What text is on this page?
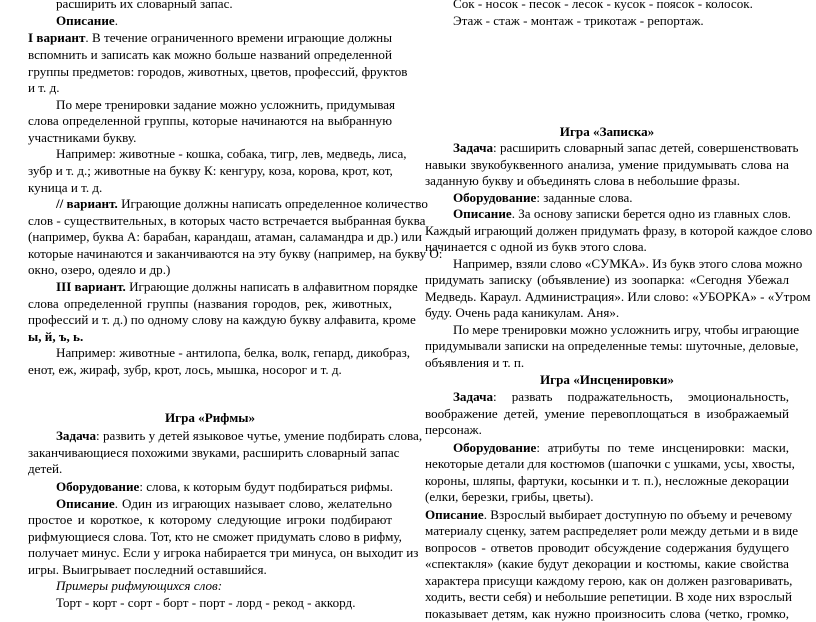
расширить их словарный запас.
Описание.
I вариант. В течение ограниченного времени играющие должны
вспомнить и записать как можно больше названий определенной
группы предметов: городов, животных, цветов, профессий, фруктов
и т. д.
По мере тренировки задание можно усложнить, придумывая
слова определенной группы, которые начинаются на выбранную
участниками букву.
Например: животные - кошка, собака, тигр, лев, медведь, лиса,
зубр и т. д.; животные на букву К: кенгуру, коза, корова, крот, кот,
куница и т. д.
// вариант. Играющие должны написать определенное количество
слов - существительных, в которых часто встречается выбранная буква
(например, буква А: барабан, карандаш, атаман, саламандра и др.) или
которые начинаются и заканчиваются на эту букву (например, на букву О:
окно, озеро, одеяло и др.)
III вариант. Играющие должны написать в алфавитном порядке
слова определенной группы (названия городов, рек, животных,
профессий и т. д.) по одному слову на каждую букву алфавита, кроме
ы, й, ъ, ь.
Например: животные - антилопа, белка, волк, гепард, дикобраз,
енот, еж, жираф, зубр, крот, лось, мышка, носорог и т. д.
Игра «Рифмы»
Задача: развить у детей языковое чутье, умение подбирать слова,
заканчивающиеся похожими звуками, расширить словарный запас
детей.
Оборудование: слова, к которым будут подбираться рифмы.
Описание. Один из играющих называет слово, желательно
простое и короткое, к которому следующие игроки подбирают
рифмующиеся слова. Тот, кто не сможет придумать слово в рифму,
получает минус. Если у игрока набирается три минуса, он выходит из
игры. Выигрывает последний оставшийся.
Примеры рифмующихся слов:
Торт - корт - сорт - борт - порт - лорд - рекод - аккорд.
Сок - носок - песок - лесок - кусок - поясок - колосок.
Этаж - стаж - монтаж - трикотаж - репортаж.
Игра «Записка»
Задача: расширить словарный запас детей, совершенствовать
навыки звукобуквенного анализа, умение придумывать слова на
заданную букву и объединять слова в небольшие фразы.
Оборудование: заданные слова.
Описание. За основу записки берется одно из главных слов.
Каждый играющий должен придумать фразу, в которой каждое слово
начинается с одной из букв этого слова.
Например, взяли слово «СУМКА». Из букв этого слова можно
придумать записку (объявление) из зоопарка: «Сегодня Убежал
Медведь. Караул. Администрация». Или слово: «УБОРКА» - «Утром
буду. Очень рада каникулам. Аня».
По мере тренировки можно усложнить игру, чтобы играющие
придумывали записки на определенные темы: шуточные, деловые,
объявления и т. п.
Игра «Инсценировки»
Задача: развать подражательность, эмоциональность,
воображение детей, умение перевоплощаться в изображаемый
персонаж.
Оборудование: атрибуты по теме инсценировки: маски,
некоторые детали для костюмов (шапочки с ушками, усы, хвосты,
короны, шляпы, фартуки, косынки и т. п.), несложные декорации
(елки, березки, грибы, цветы).
Описание. Взрослый выбирает доступную по объему и речевому
материалу сценку, затем распределяет роли между детьми и в виде
вопросов - ответов проводит обсуждение содержания будущего
«спектакля» (какие будут декорации и костюмы, какие свойства
характера присущи каждому герою, как он должен разговаривать,
ходить, вести себя) и небольшие репетиции. В ходе них взрослый
показывает детям, как нужно произносить слова (четко, громко,
